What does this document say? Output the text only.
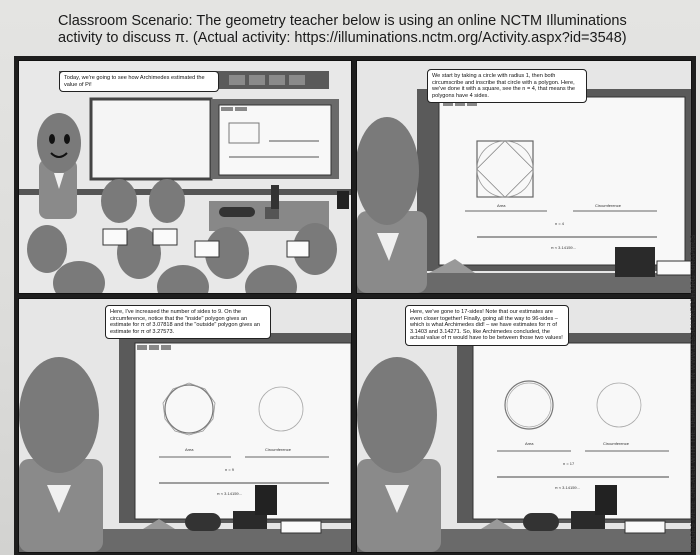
Classroom Scenario: The geometry teacher below is using an online NCTM Illuminations
activity to discuss π. (Actual activity: https://illuminations.nctm.org/Activity.aspx?id=3548)
Today, we're going to see how Archimedes estimated the value of Pi!
Area	Circumference
n = 4
π ≈ 3.14159...
We start by taking a circle with radius 1, then both circumscribe and inscribe that circle with a polygon. Here, we've done it with a square, see the n = 4, that means the polygons have 4 sides.
Area	Circumference
n = 9
π ≈ 3.14159...
Here, I've increased the number of sides to 9. On the circumference, notice that the "inside" polygon gives an estimate for π of 3.07818 and the "outside" polygon gives an estimate for π of 3.27573.
Area	Circumference
n = 17
π ≈ 3.14159...
Here, we've gone to 17-sides! Note that our estimates are even closer together! Finally, going all the way to 96-sides – which is what Archimedes did! – we have estimates for π of 3.1403 and 3.14271. So, like Archimedes concluded, the actual value of π would have to be between those two values!	IMAGES WERE CREATED WITH THE DEPICT TOOL IN WWW.LESSONSKETCH.ORG. GRAPHICS
